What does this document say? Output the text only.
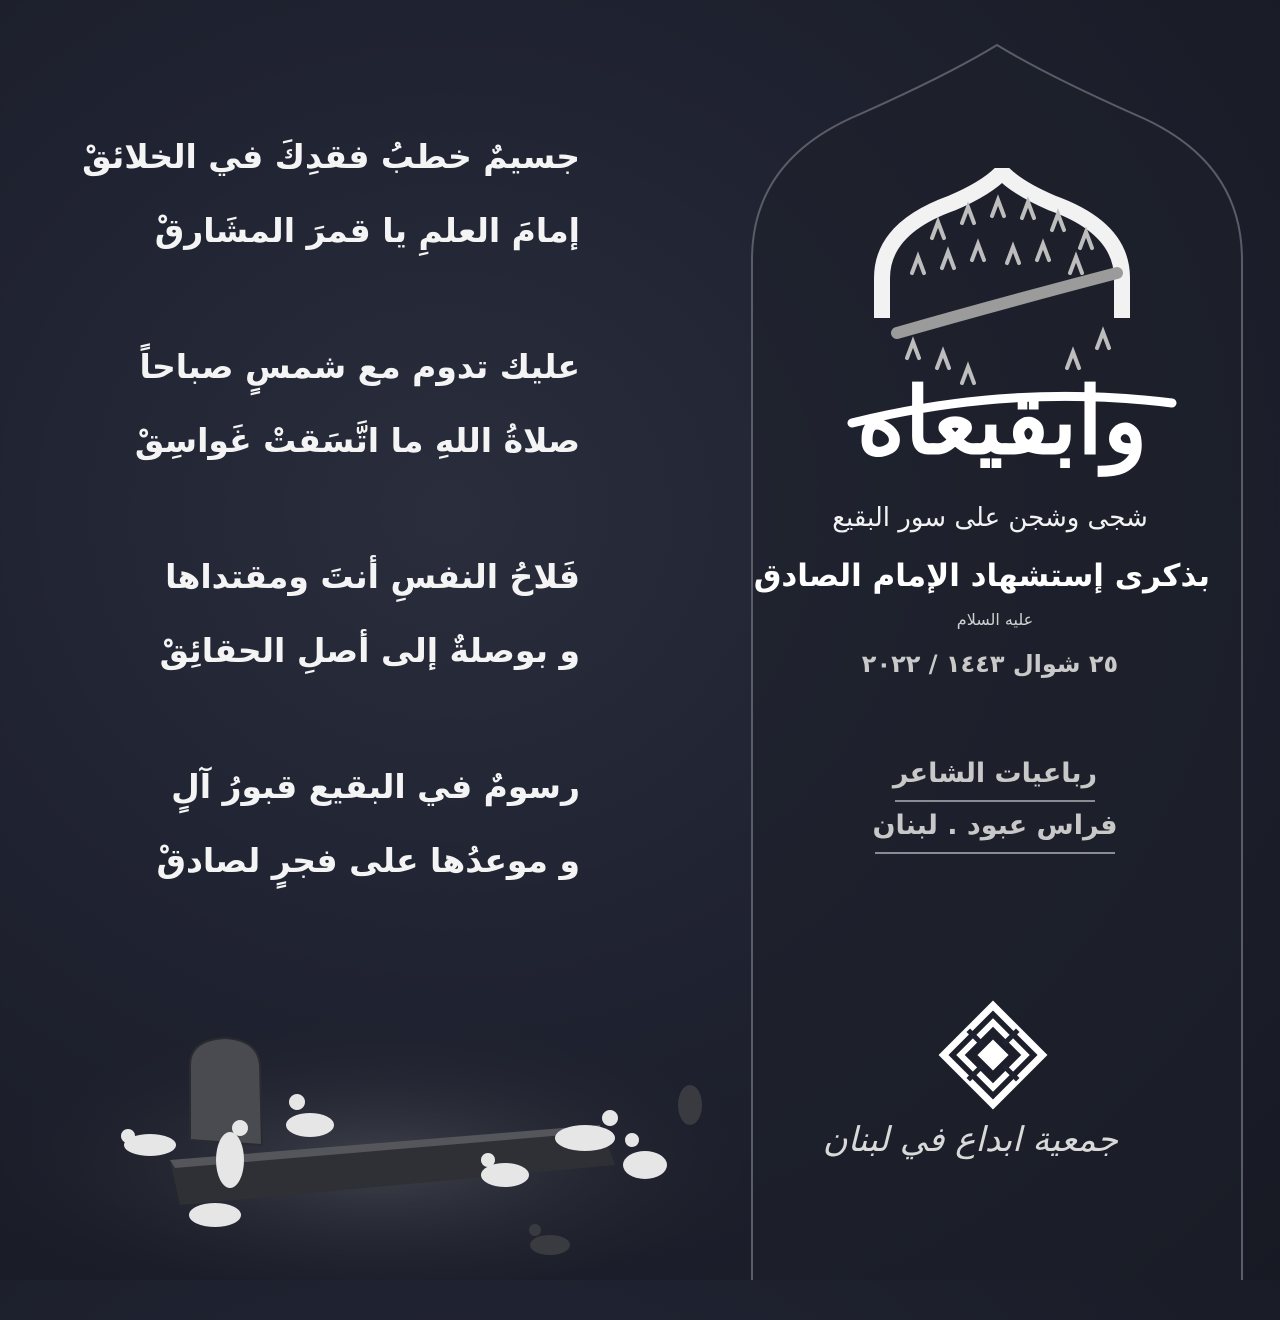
جسيمٌ خطبُ فقدِكَ في الخلائقْ
إمامَ العلمِ يا قمرَ المشَارقْ
عليك تدوم مع شمسٍ صباحاً
صلاةُ اللهِ ما اتَّسَقتْ غَواسِقْ
فَلاحُ النفسِ أنتَ ومقتداها
و بوصلةٌ إلى أصلِ الحقائِقْ
رسومٌ في البقيع قبورُ آلٍ
و موعدُها على فجرٍ لصادقْ
وابقيعاه
شجى وشجن على سور البقيع
بذكرى إستشهاد الإمام الصادق
عليه السلام
٢٥ شوال ١٤٤٣ / ٢٠٢٢
رباعيات الشاعر
فراس عبود . لبنان
جمعية ابداع في لبنان
